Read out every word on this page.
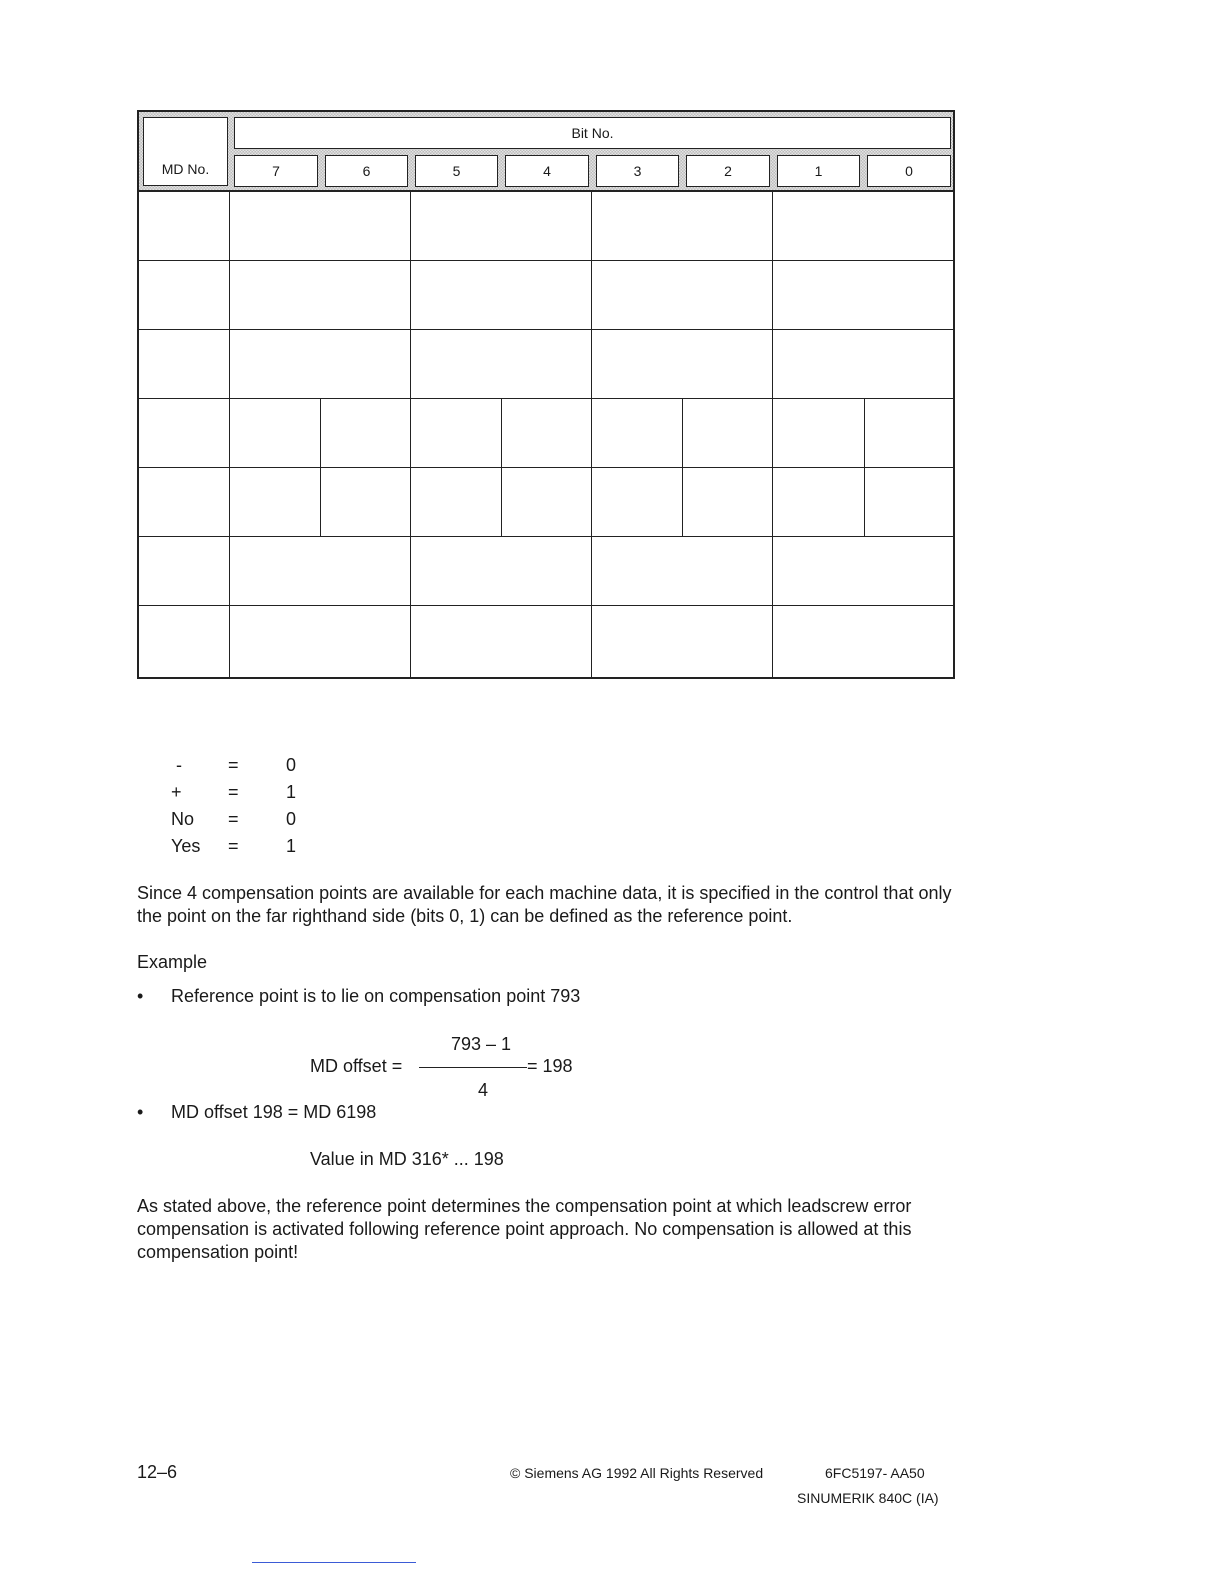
MD No.
Bit No.
7	6	5	4	3	2	1	0
-	=	0
+	=	1
No =	0
Yes =	1
Since 4 compensation points are available for each machine data, it is specified in the control that only the point on the far righthand side (bits 0, 1) can be defined as the reference point.
Example
• Reference point is to lie on compensation point 793
793 – 1
MD offset =	= 198
4
• MD offset 198 = MD 6198
Value in MD 316* ... 198
As stated above, the reference point determines the compensation point at which leadscrew error compensation is activated following reference point approach. No compensation is allowed at this compensation point!
12–6	© Siemens AG 1992 All Rights Reserved	6FC5197- AA50
SINUMERIK 840C (IA)
